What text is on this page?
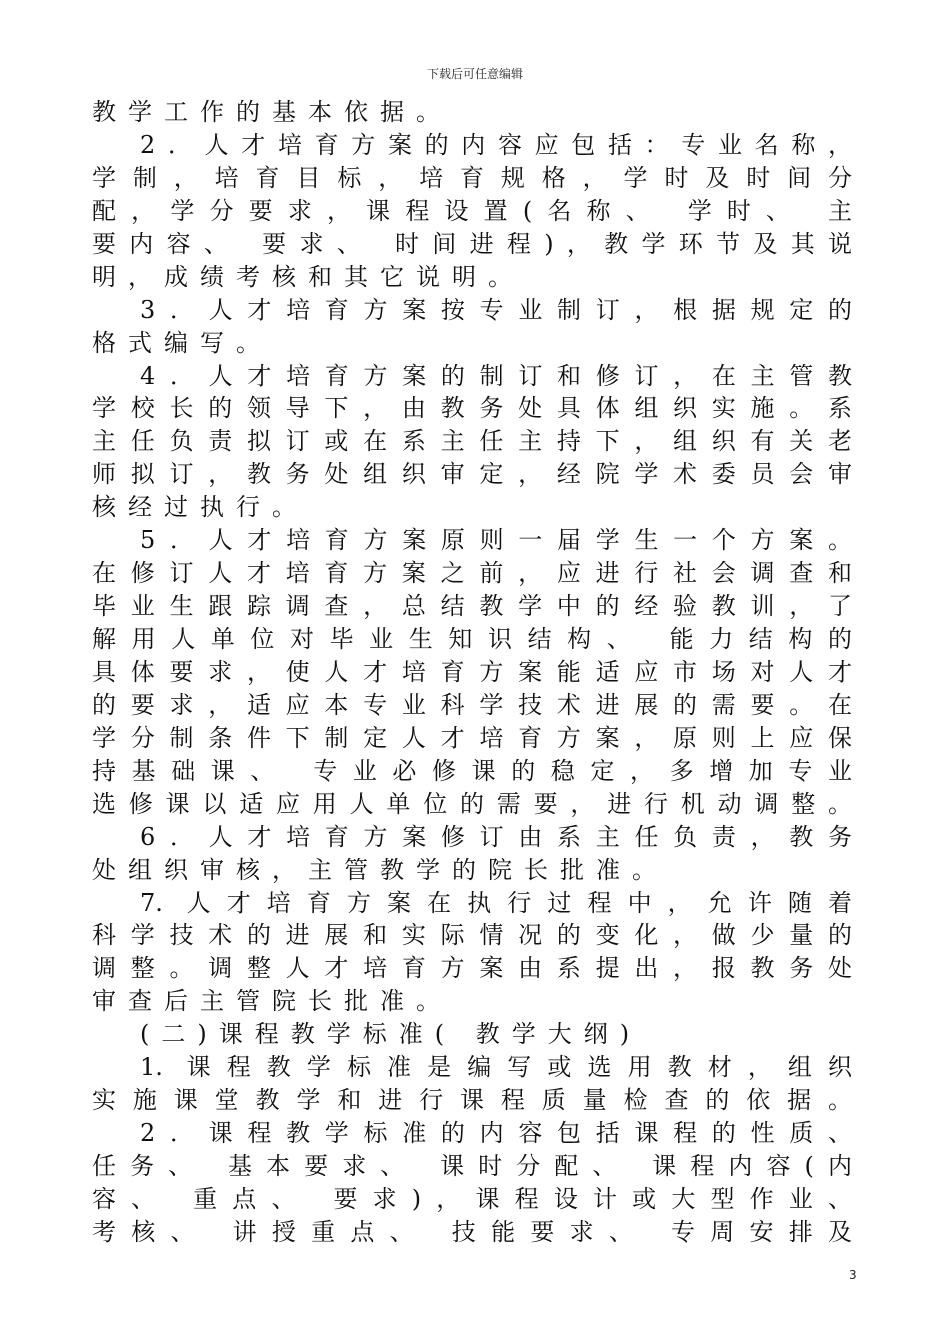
下载后可任意编辑
教学工作的基本依据。
2．人才培育方案的内容应包括：专业名称，
学制，培育目标，培育规格，学时及时间分
配，学分要求，课程设置(名称、 学时、 主
要内容、 要求、 时间进程)，教学环节及其说
明，成绩考核和其它说明。
3．人才培育方案按专业制订，根据规定的
格式编写。
4．人才培育方案的制订和修订，在主管教
学校长的领导下，由教务处具体组织实施。系
主任负责拟订或在系主任主持下，组织有关老
师拟订，教务处组织审定，经院学术委员会审
核经过执行。
5．人才培育方案原则一届学生一个方案。
在修订人才培育方案之前，应进行社会调查和
毕业生跟踪调查，总结教学中的经验教训，了
解用人单位对毕业生知识结构、 能力结构的
具体要求，使人才培育方案能适应市场对人才
的要求，适应本专业科学技术进展的需要。在
学分制条件下制定人才培育方案，原则上应保
持基础课、 专业必修课的稳定，多增加专业
选修课以适应用人单位的需要，进行机动调整。
6．人才培育方案修订由系主任负责，教务
处组织审核，主管教学的院长批准。
7. 人才培育方案在执行过程中，允许随着
科学技术的进展和实际情况的变化，做少量的
调整。调整人才培育方案由系提出，报教务处
审查后主管院长批准。
(二)课程教学标准( 教学大纲)
1. 课程教学标准是编写或选用教材，组织
实施课堂教学和进行课程质量检查的依据。
2．课程教学标准的内容包括课程的性质、
任务、 基本要求、 课时分配、 课程内容(内
容、 重点、 要求)，课程设计或大型作业、
考核、 讲授重点、 技能要求、 专周安排及
3
